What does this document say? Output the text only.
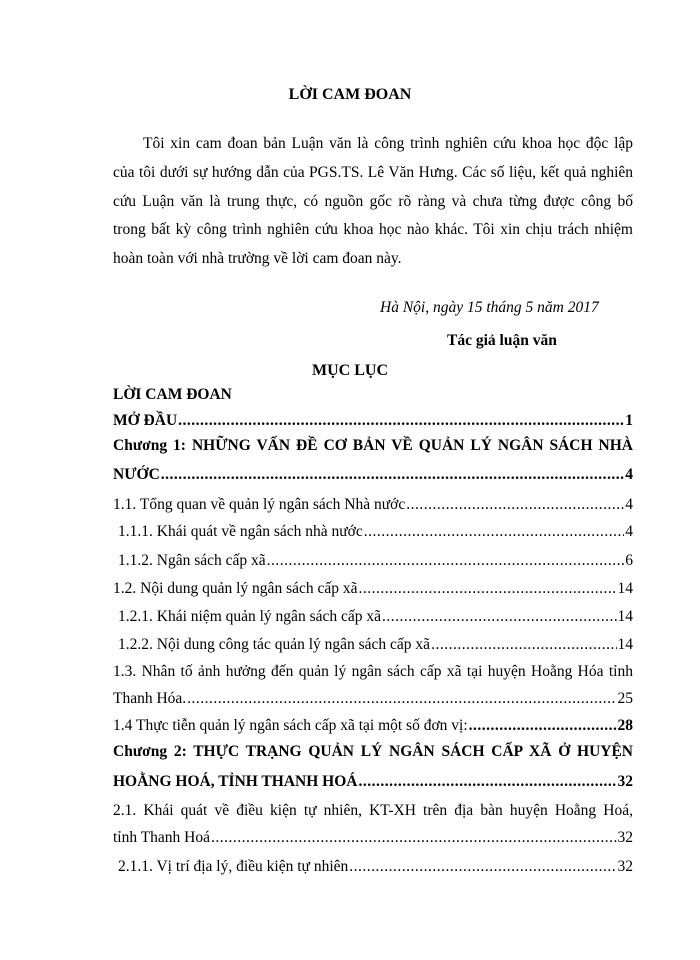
LỜI CAM ĐOAN
Tôi xin cam đoan bản Luận văn là công trình nghiên cứu khoa học độc lập
của tôi dưới sự hướng dẫn của PGS.TS. Lê Văn Hưng. Các số liệu, kết quả nghiên
cứu Luận văn là trung thực, có nguồn gốc rõ ràng và chưa từng được công bố
trong bất kỳ công trình nghiên cứu khoa học nào khác. Tôi xin chịu trách nhiệm
hoàn toàn với nhà trường về lời cam đoan này.
Hà Nội, ngày 15 tháng 5 năm 2017
Tác giả luận văn
MỤC LỤC
LỜI CAM ĐOAN
MỞ ĐẦU .....	1
Chương 1: NHỮNG VẤN ĐỀ CƠ BẢN VỀ QUẢN LÝ NGÂN SÁCH NHÀ
NƯỚC .....	4
1.1. Tổng quan về quản lý ngân sách Nhà nước .....	4
1.1.1. Khái quát về ngân sách nhà nước .....	4
1.1.2. Ngân sách cấp xã .....	6
1.2. Nội dung quản lý ngân sách cấp xã .....	14
1.2.1. Khái niệm quản lý ngân sách cấp xã .....	14
1.2.2. Nội dung công tác quản lý ngân sách cấp xã .....	14
1.3. Nhân tố ảnh hưởng đến quản lý ngân sách cấp xã tại huyện Hoằng Hóa tỉnh
Thanh Hóa. .....	25
1.4 Thực tiễn quản lý ngân sách cấp xã tại một số đơn vị: .....	28
Chương 2: THỰC TRẠNG QUẢN LÝ NGÂN SÁCH CẤP XÃ Ở HUYỆN
HOẰNG HOÁ, TỈNH THANH HOÁ .....	32
2.1. Khái quát về điều kiện tự nhiên, KT-XH trên địa bàn huyện Hoằng Hoá,
tỉnh Thanh Hoá .....	32
2.1.1. Vị trí địa lý, điều kiện tự nhiên .....	32
